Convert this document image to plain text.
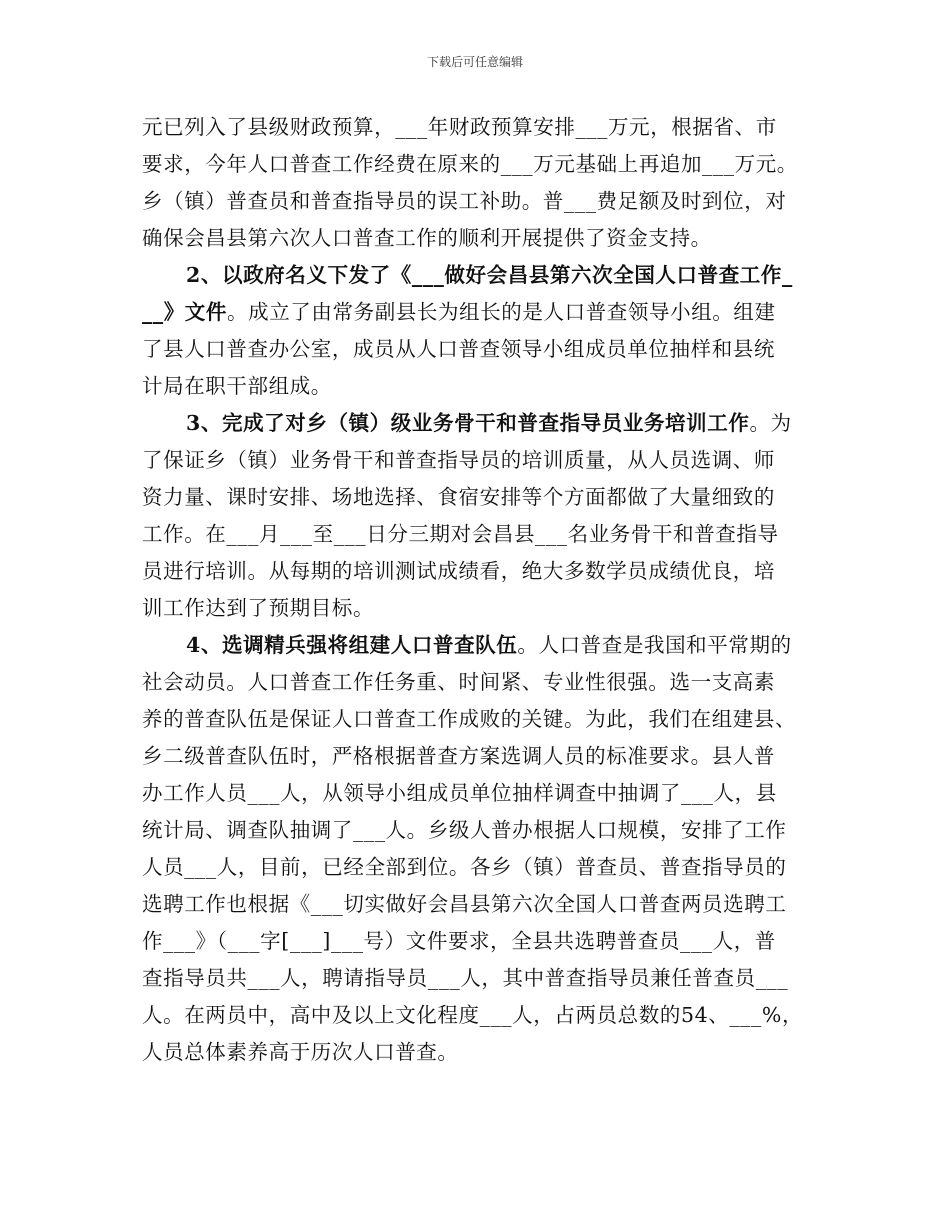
下载后可任意编辑
元已列入了县级财政预算，___年财政预算安排___万元，根据省、市
要求，今年人口普查工作经费在原来的___万元基础上再追加___万元。
乡（镇）普查员和普查指导员的误工补助。普___费足额及时到位，对
确保会昌县第六次人口普查工作的顺利开展提供了资金支持。
2、以政府名义下发了《___做好会昌县第六次全国人口普查工作_
__》文件。成立了由常务副县长为组长的是人口普查领导小组。组建
了县人口普查办公室，成员从人口普查领导小组成员单位抽样和县统
计局在职干部组成。
3、完成了对乡（镇）级业务骨干和普查指导员业务培训工作。为
了保证乡（镇）业务骨干和普查指导员的培训质量，从人员选调、师
资力量、课时安排、场地选择、食宿安排等个方面都做了大量细致的
工作。在___月___至___日分三期对会昌县___名业务骨干和普查指导
员进行培训。从每期的培训测试成绩看，绝大多数学员成绩优良，培
训工作达到了预期目标。
4、选调精兵强将组建人口普查队伍。人口普查是我国和平常期的
社会动员。人口普查工作任务重、时间紧、专业性很强。选一支高素
养的普查队伍是保证人口普查工作成败的关键。为此，我们在组建县、
乡二级普查队伍时，严格根据普查方案选调人员的标准要求。县人普
办工作人员___人，从领导小组成员单位抽样调查中抽调了___人，县
统计局、调查队抽调了___人。乡级人普办根据人口规模，安排了工作
人员___人，目前，已经全部到位。各乡（镇）普查员、普查指导员的
选聘工作也根据《___切实做好会昌县第六次全国人口普查两员选聘工
作___》（___字[___]___号）文件要求，全县共选聘普查员___人，普
查指导员共___人，聘请指导员___人，其中普查指导员兼任普查员___
人。在两员中，高中及以上文化程度___人，占两员总数的54、___%，
人员总体素养高于历次人口普查。
